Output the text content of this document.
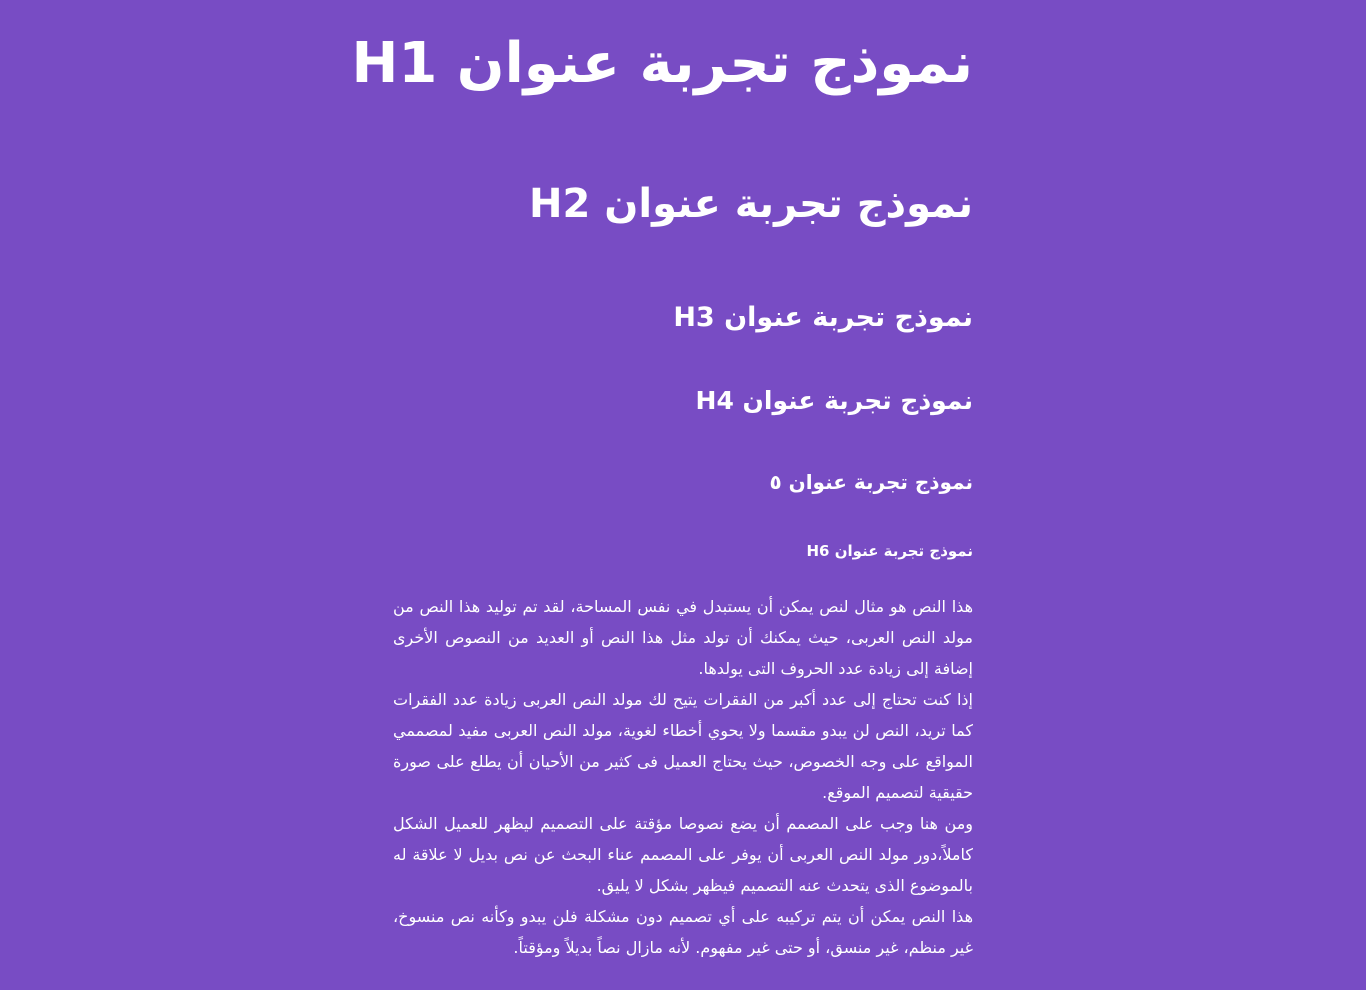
نموذج تجربة عنوان H1
نموذج تجربة عنوان H2
نموذج تجربة عنوان H3
نموذج تجربة عنوان H4
نموذج تجربة عنوان ٥
نموذج تجربة عنوان H6

هذا النص هو مثال لنص يمكن أن يستبدل في نفس المساحة، لقد تم توليد هذا النص من مولد النص العربى، حيث يمكنك أن تولد مثل هذا النص أو العديد من النصوص الأخرى إضافة إلى زيادة عدد الحروف التى يولدها.

إذا كنت تحتاج إلى عدد أكبر من الفقرات يتيح لك مولد النص العربى زيادة عدد الفقرات كما تريد، النص لن يبدو مقسما ولا يحوي أخطاء لغوية، مولد النص العربى مفيد لمصممي المواقع على وجه الخصوص، حيث يحتاج العميل فى كثير من الأحيان أن يطلع على صورة حقيقية لتصميم الموقع.

ومن هنا وجب على المصمم أن يضع نصوصا مؤقتة على التصميم ليظهر للعميل الشكل كاملاً،دور مولد النص العربى أن يوفر على المصمم عناء البحث عن نص بديل لا علاقة له بالموضوع الذى يتحدث عنه التصميم فيظهر بشكل لا يليق.

هذا النص يمكن أن يتم تركيبه على أي تصميم دون مشكلة فلن يبدو وكأنه نص منسوخ، غير منظم، غير منسق، أو حتى غير مفهوم. لأنه مازال نصاً بديلاً ومؤقتاً.
